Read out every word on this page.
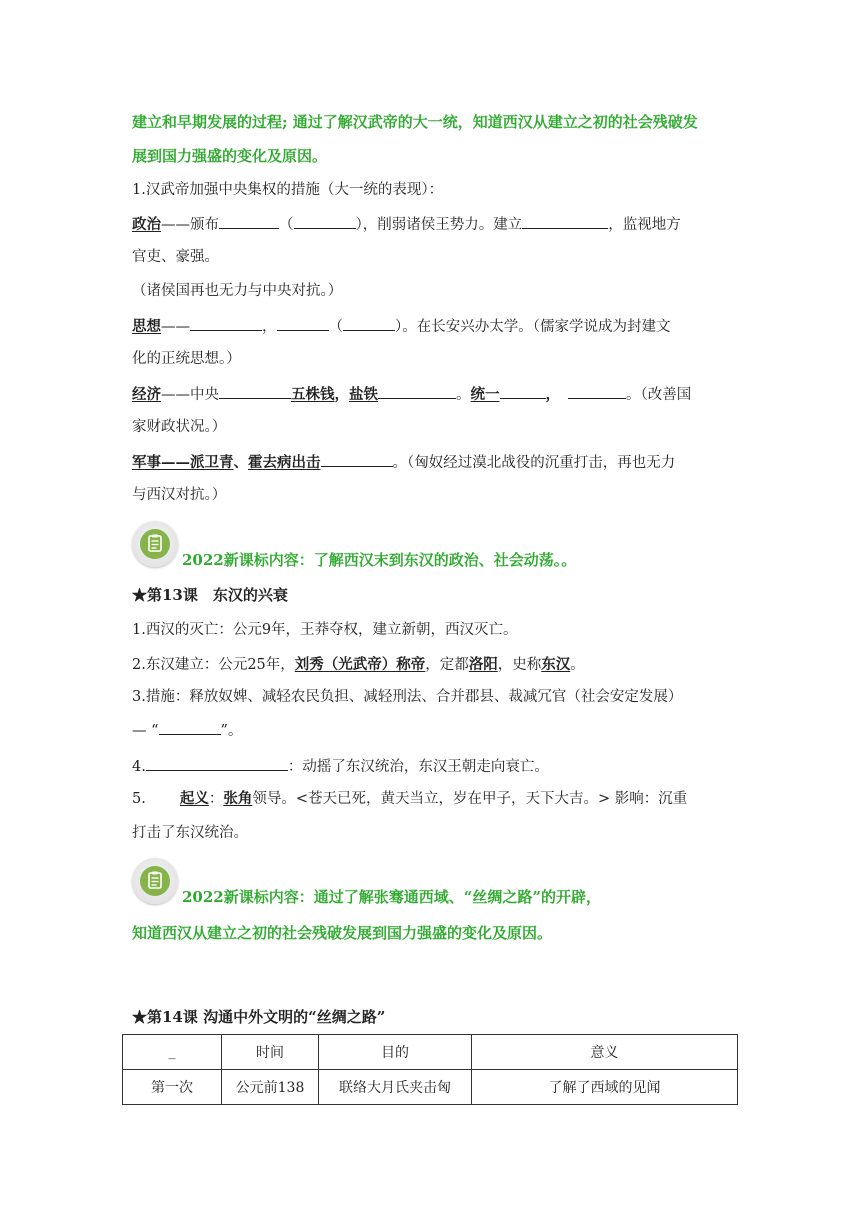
建立和早期发展的过程; 通过了解汉武帝的大一统，知道西汉从建立之初的社会残破发
展到国力强盛的变化及原因。
1.汉武帝加强中央集权的措施（大一统的表现）：
政治——颁布	（	），削弱诸侯王势力。建立	，监视地方
官吏、豪强。
（诸侯国再也无力与中央对抗。）
思想——	，	（	）。在长安兴办太学。（儒家学说成为封建文
化的正统思想。）
经济——中央	五株钱，盐铁	。统一	，	。（改善国
家财政状况。）
军事——派卫青、霍去病出击	。（匈奴经过漠北战役的沉重打击，再也无力
与西汉对抗。）
2022新课标内容：了解西汉末到东汉的政治、社会动荡。。
★第13课　东汉的兴衰
1.西汉的灭亡：公元9年，王莽夺权，建立新朝，西汉灭亡。
2.东汉建立：公元25年，刘秀（光武帝）称帝，定都洛阳，史称东汉。
3.措施：释放奴婢、减轻农民负担、减轻刑法、合并郡县、裁减冗官（社会安定发展）
— “	”。
4.	：动摇了东汉统治，东汉王朝走向衰亡。
5. 起义：张角领导。<苍天已死，黄天当立，岁在甲子，天下大吉。> 影响：沉重
打击了东汉统治。
2022新课标内容：通过了解张骞通西域、“丝绸之路”的开辟，
知道西汉从建立之初的社会残破发展到国力强盛的变化及原因。
★第14课 沟通中外文明的“丝绸之路”
_	时间	目的	意义
第一次	公元前138	联络大月氏夹击匈	了解了西域的见闻
